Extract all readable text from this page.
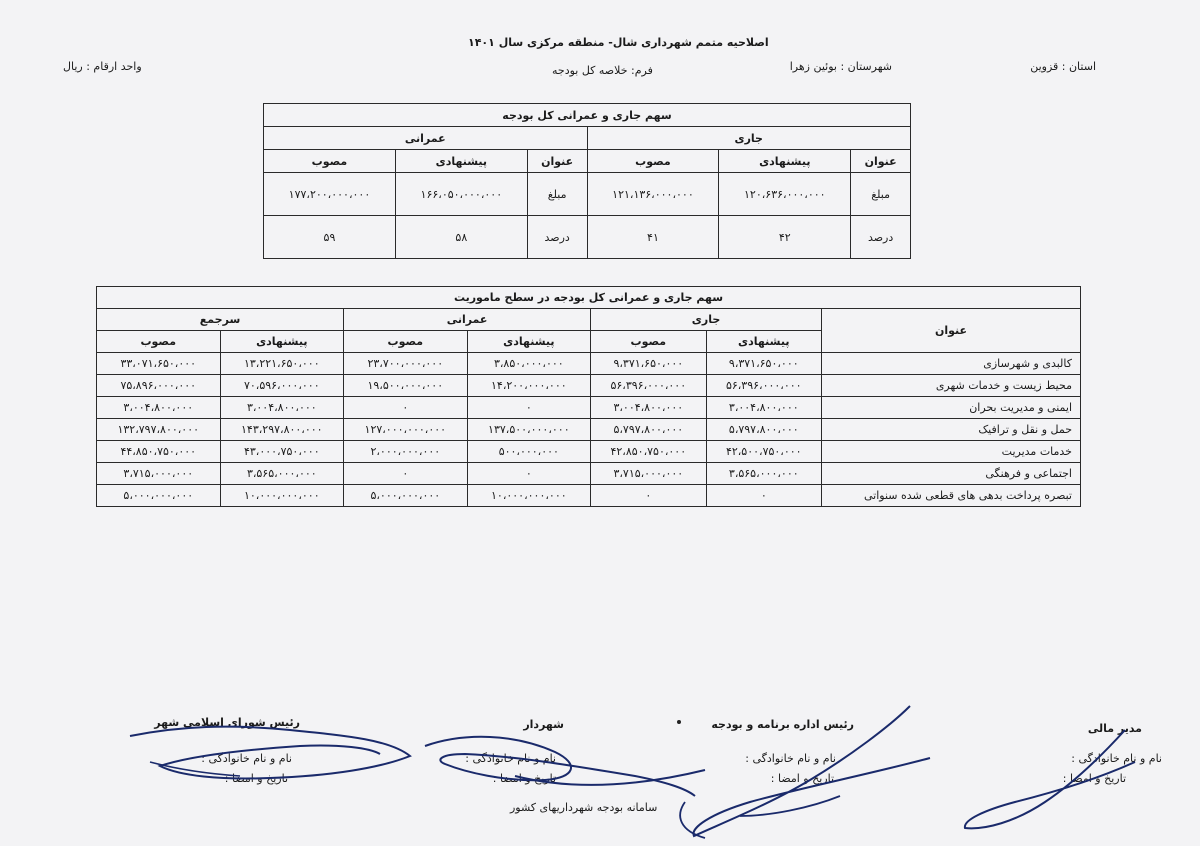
اصلاحیه متمم شهرداری شال- منطقه مرکزی سال ۱۴۰۱
استان : قزوین
شهرستان : بوئین زهرا
فرم: خلاصه کل بودجه
واحد ارقام : ریال
سهم جاری و عمرانی کل بودجه					
جاری			عمرانی		
عنوان	پیشنهادی	مصوب	عنوان	پیشنهادی	مصوب
مبلغ	۱۲۰،۶۳۶،۰۰۰،۰۰۰	۱۲۱،۱۳۶،۰۰۰،۰۰۰	مبلغ	۱۶۶،۰۵۰،۰۰۰،۰۰۰	۱۷۷،۲۰۰،۰۰۰،۰۰۰
درصد	۴۲	۴۱	درصد	۵۸	۵۹
سهم جاری و عمرانی کل بودجه در سطح ماموریت						
عنوان	جاری		عمرانی		سرجمع	
	پیشنهادی	مصوب	پیشنهادی	مصوب	پیشنهادی	مصوب
کالبدی و شهرسازی	۹،۳۷۱،۶۵۰،۰۰۰	۹،۳۷۱،۶۵۰،۰۰۰	۳،۸۵۰،۰۰۰،۰۰۰	۲۳،۷۰۰،۰۰۰،۰۰۰	۱۳،۲۲۱،۶۵۰،۰۰۰	۳۳،۰۷۱،۶۵۰،۰۰۰
محیط زیست و خدمات شهری	۵۶،۳۹۶،۰۰۰،۰۰۰	۵۶،۳۹۶،۰۰۰،۰۰۰	۱۴،۲۰۰،۰۰۰،۰۰۰	۱۹،۵۰۰،۰۰۰،۰۰۰	۷۰،۵۹۶،۰۰۰،۰۰۰	۷۵،۸۹۶،۰۰۰،۰۰۰
ایمنی و مدیریت بحران	۳،۰۰۴،۸۰۰،۰۰۰	۳،۰۰۴،۸۰۰،۰۰۰	۰	۰	۳،۰۰۴،۸۰۰،۰۰۰	۳،۰۰۴،۸۰۰،۰۰۰
حمل و نقل و ترافیک	۵،۷۹۷،۸۰۰،۰۰۰	۵،۷۹۷،۸۰۰،۰۰۰	۱۳۷،۵۰۰،۰۰۰،۰۰۰	۱۲۷،۰۰۰،۰۰۰،۰۰۰	۱۴۳،۲۹۷،۸۰۰،۰۰۰	۱۳۲،۷۹۷،۸۰۰،۰۰۰
خدمات مدیریت	۴۲،۵۰۰،۷۵۰،۰۰۰	۴۲،۸۵۰،۷۵۰،۰۰۰	۵۰۰،۰۰۰،۰۰۰	۲،۰۰۰،۰۰۰،۰۰۰	۴۳،۰۰۰،۷۵۰،۰۰۰	۴۴،۸۵۰،۷۵۰،۰۰۰
اجتماعی و فرهنگی	۳،۵۶۵،۰۰۰،۰۰۰	۳،۷۱۵،۰۰۰،۰۰۰	۰	۰	۳،۵۶۵،۰۰۰،۰۰۰	۳،۷۱۵،۰۰۰،۰۰۰
تبصره پرداخت بدهی های قطعی شده سنواتی	۰	۰	۱۰،۰۰۰،۰۰۰،۰۰۰	۵،۰۰۰،۰۰۰،۰۰۰	۱۰،۰۰۰،۰۰۰،۰۰۰	۵،۰۰۰،۰۰۰،۰۰۰
مدیر مالی
نام و نام خانوادگی :
تاریخ و امضا :
رئیس اداره برنامه و بودجه
نام و نام خانوادگی :
تاریخ و امضا :
شهردار
نام و نام خانوادگی :
تاریخ و امضا :
رئیس شورای اسلامی شهر
نام و نام خانوادگی :
تاریخ و امضا :
سامانه بودجه شهرداریهای کشور
